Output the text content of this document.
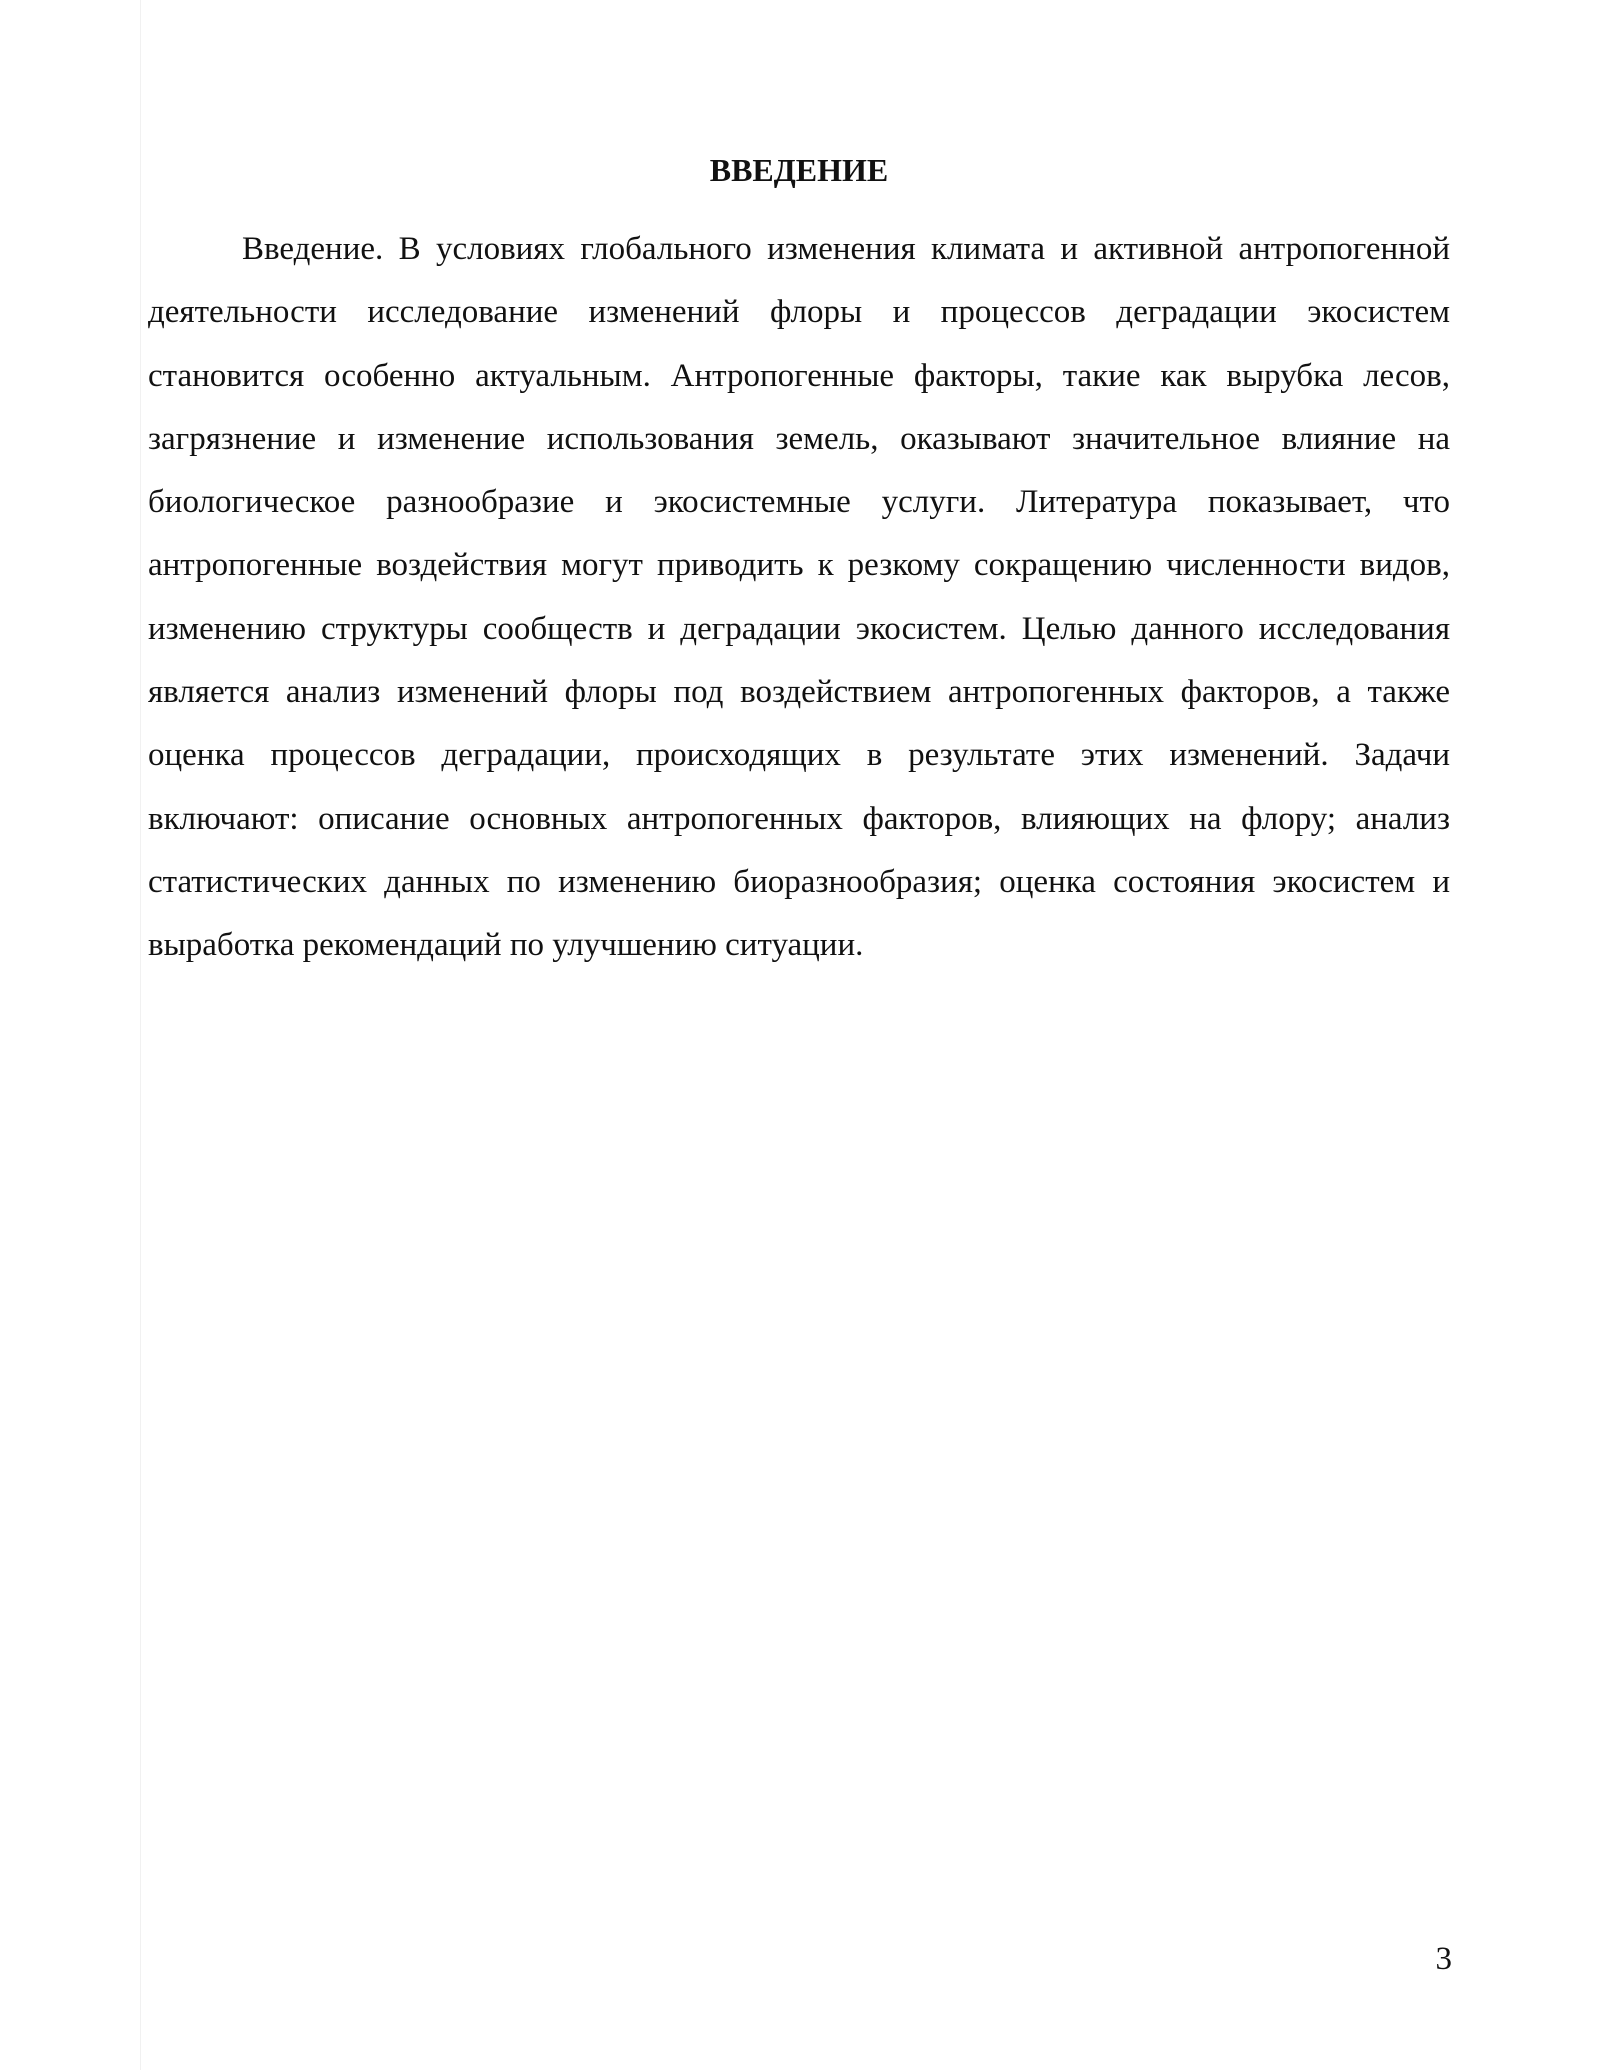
ВВЕДЕНИЕ

Введение. В условиях глобального изменения климата и активной антропогенной деятельности исследование изменений флоры и процессов деградации экосистем становится особенно актуальным. Антропогенные факторы, такие как вырубка лесов, загрязнение и изменение использования земель, оказывают значительное влияние на биологическое разнообразие и экосистемные услуги. Литература показывает, что антропогенные воздействия могут приводить к резкому сокращению численности видов, изменению структуры сообществ и деградации экосистем. Целью данного исследования является анализ изменений флоры под воздействием антропогенных факторов, а также оценка процессов деградации, происходящих в результате этих изменений. Задачи включают: описание основных антропогенных факторов, влияющих на флору; анализ статистических данных по изменению биоразнообразия; оценка состояния экосистем и выработка рекомендаций по улучшению ситуации.

3
